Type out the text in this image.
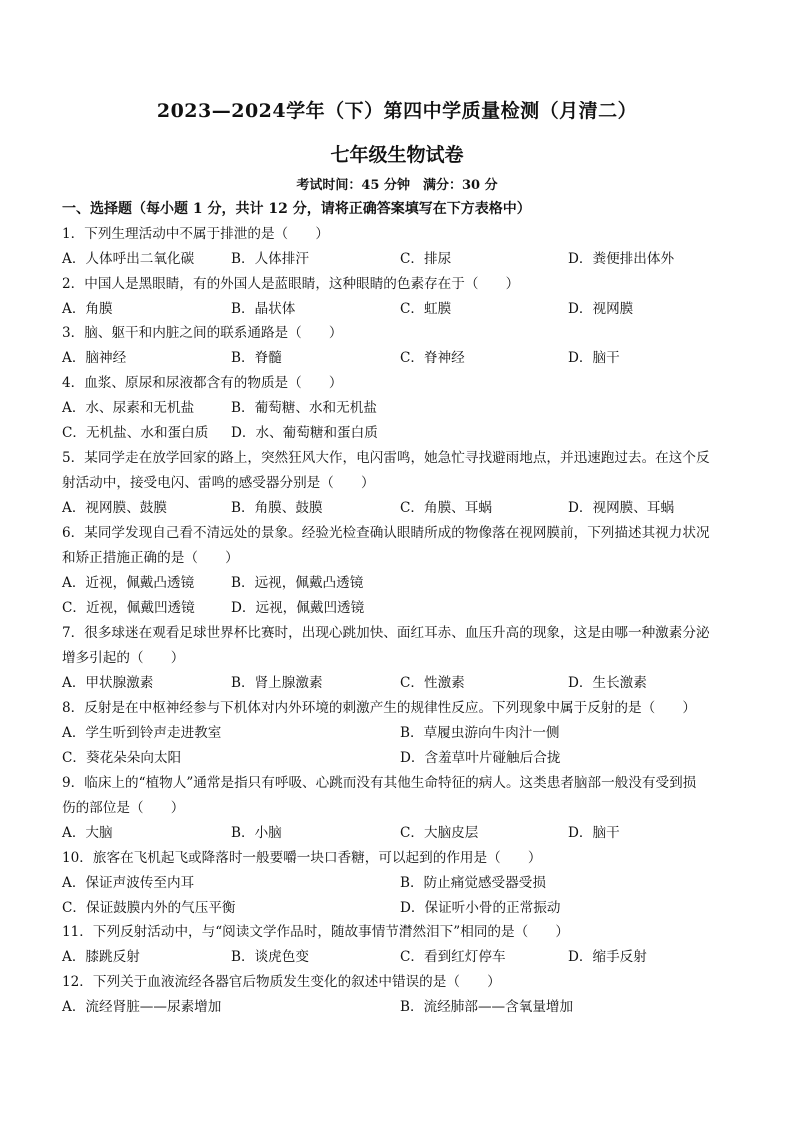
2023—2024学年（下）第四中学质量检测（月清二）
七年级生物试卷
考试时间：45 分钟　满分：30 分
一、选择题（每小题 1 分，共计 12 分，请将正确答案填写在下方表格中）
1．下列生理活动中不属于排泄的是（　　）
A．人体呼出二氧化碳	B．人体排汗	C．排尿	D．粪便排出体外
2．中国人是黑眼睛，有的外国人是蓝眼睛，这种眼睛的色素存在于（　　）
A．角膜	B．晶状体	C．虹膜	D．视网膜
3．脑、躯干和内脏之间的联系通路是（　　）
A．脑神经	B．脊髓	C．脊神经	D．脑干
4．血浆、原尿和尿液都含有的物质是（　　）
A．水、尿素和无机盐	B．葡萄糖、水和无机盐
C．无机盐、水和蛋白质 D．水、葡萄糖和蛋白质
5．某同学走在放学回家的路上，突然狂风大作，电闪雷鸣，她急忙寻找避雨地点，并迅速跑过去。在这个反
射活动中，接受电闪、雷鸣的感受器分别是（　　）
A．视网膜、鼓膜	B．角膜、鼓膜	C．角膜、耳蜗	D．视网膜、耳蜗
6．某同学发现自己看不清远处的景象。经验光检查确认眼睛所成的物像落在视网膜前，下列描述其视力状况
和矫正措施正确的是（　　）
A．近视，佩戴凸透镜	B．远视，佩戴凸透镜
C．近视，佩戴凹透镜	D．远视，佩戴凹透镜
7．很多球迷在观看足球世界杯比赛时，出现心跳加快、面红耳赤、血压升高的现象，这是由哪一种激素分泌
增多引起的（　　）
A．甲状腺激素	B．肾上腺激素	C．性激素	D．生长激素
8．反射是在中枢神经参与下机体对内外环境的刺激产生的规律性反应。下列现象中属于反射的是（　　）
A．学生听到铃声走进教室	B．草履虫游向牛肉汁一侧
C．葵花朵朵向太阳	D．含羞草叶片碰触后合拢
9．临床上的“植物人”通常是指只有呼吸、心跳而没有其他生命特征的病人。这类患者脑部一般没有受到损
伤的部位是（　　）
A．大脑	B．小脑	C．大脑皮层	D．脑干
10．旅客在飞机起飞或降落时一般要嚼一块口香糖，可以起到的作用是（　　）
A．保证声波传至内耳	B．防止痛觉感受器受损
C．保证鼓膜内外的气压平衡	D．保证听小骨的正常振动
11．下列反射活动中，与“阅读文学作品时，随故事情节潸然泪下”相同的是（　　）
A．膝跳反射	B．谈虎色变	C．看到红灯停车	D．缩手反射
12．下列关于血液流经各器官后物质发生变化的叙述中错误的是（　　）
A．流经肾脏——尿素增加	B．流经肺部——含氧量增加
